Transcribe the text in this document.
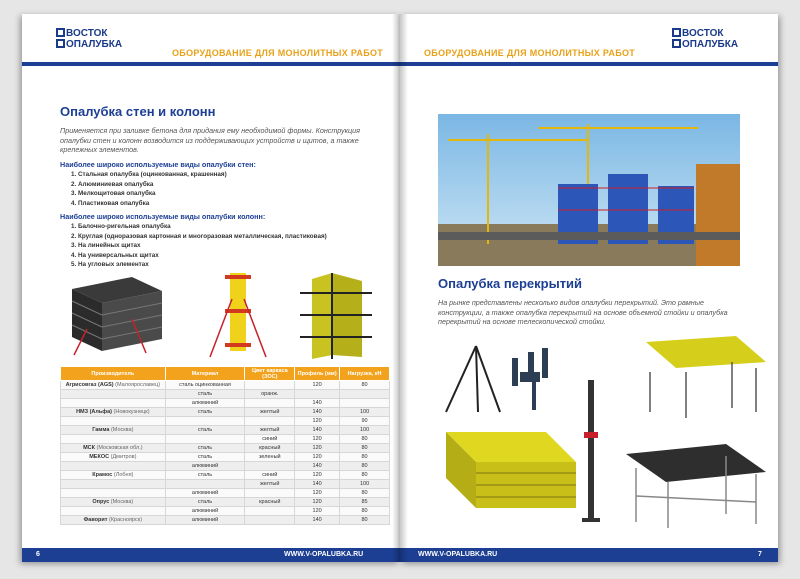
ВОСТОК
ОПАЛУБКА
ОБОРУДОВАНИЕ ДЛЯ МОНОЛИТНЫХ РАБОТ
Опалубка стен и колонн

Применяется при заливке бетона для придания ему необходимой формы. Конструкция опалубки стен и колонн возводится из поддерживающих устройств и щитов, а также крепежных элементов.

Наиболее широко используемые виды опалубки стен:
1. Стальная опалубка (оцинкованная, крашенная)
2. Алюминиевая опалубка
3. Мелкощитовая опалубка
4. Пластиковая опалубка
Наиболее широко используемые виды опалубки колонн:
1. Балочно-ригельная опалубка
2. Круглая (одноразовая картонная и многоразовая металлическая, пластиковая)
3. На линейных щитах
4. На универсальных щитах
5. На угловых элементах
Производитель	Материал	Цвет каркаса (ЗОС)	Профиль (мм)	Нагрузка, кН
Агрисовгаз (AGS) (Малоярославец)	сталь оцинкованная		120	80
	сталь	оранж.		
	алюминий		140	
НМЗ (Альфа) (Новокузнецк)	сталь	желтый	140	100
			120	90
Гамма (Москва)	сталь	желтый	140	100
		синий	120	80
МСК (Московская обл.)	сталь	красный	120	80
МЕКОС (Дмитров)	сталь	зеленый	120	80
	алюминий		140	80
Крамос (Лобня)	сталь	синий	120	80
		желтый	140	100
	алюминий		120	80
Опрус (Москва)	сталь	красный	120	85
	алюминий		120	80
Фаворит (Красноярск)	алюминий		140	80
6	WWW.V-OPALUBKA.RU
ОБОРУДОВАНИЕ ДЛЯ МОНОЛИТНЫХ РАБОТ
ВОСТОК
ОПАЛУБКА
Опалубка перекрытий

На рынке представлены несколько видов опалубки перекрытий. Это рамные конструкции, а также опалубка перекрытий на основе объемной стойки и опалубка перекрытий на основе телескопической стойки.

WWW.V-OPALUBKA.RU	7
